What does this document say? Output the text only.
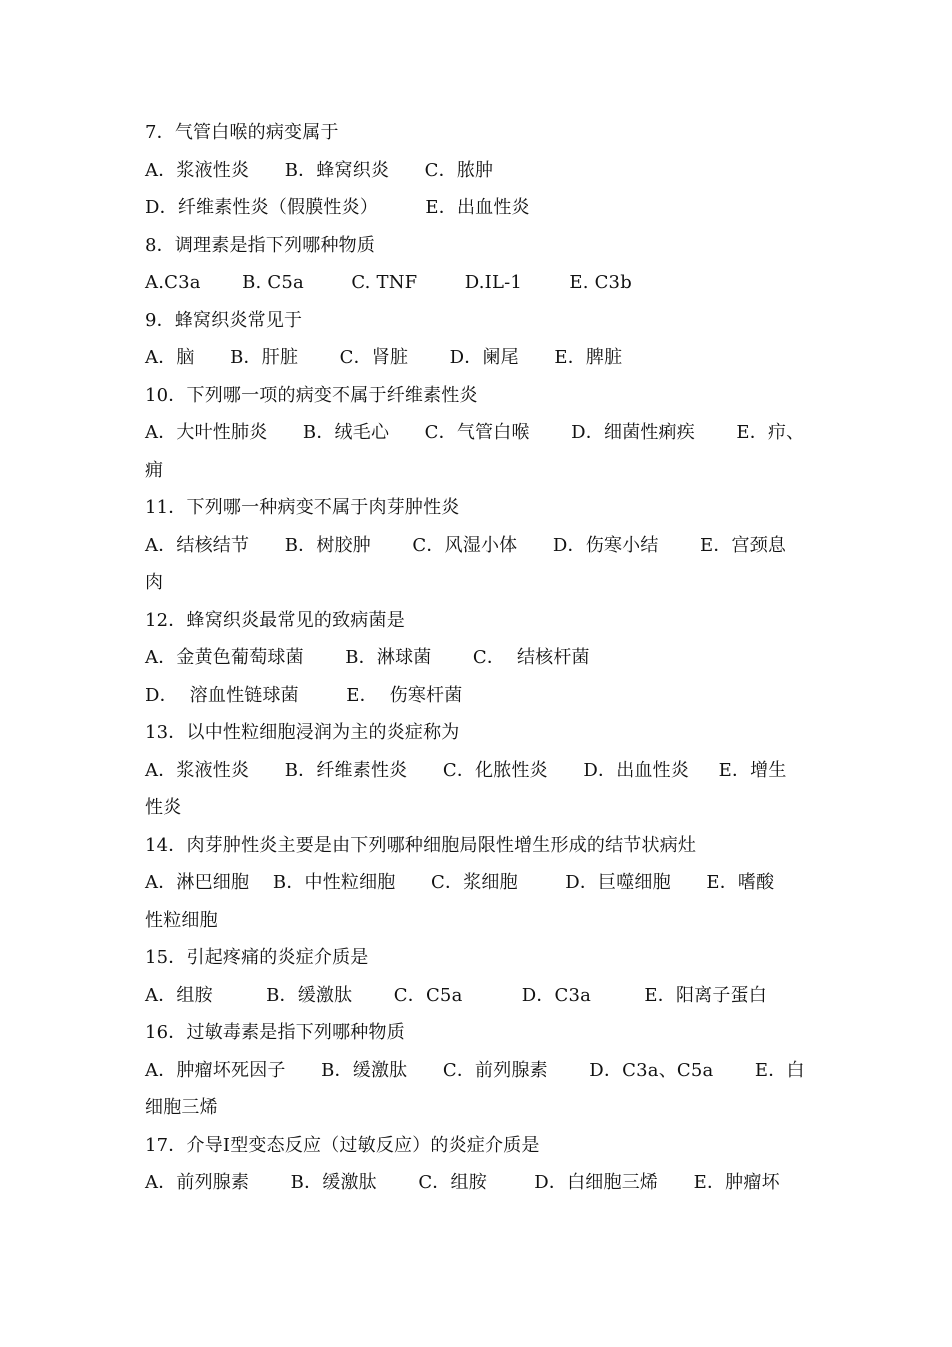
7．气管白喉的病变属于
A．浆液性炎      B．蜂窝织炎      C．脓肿
D．纤维素性炎（假膜性炎）        E．出血性炎
8．调理素是指下列哪种物质
A.C3a       B. C5a        C. TNF        D.IL-1        E. C3b
9．蜂窝织炎常见于
A．脑      B．肝脏       C．肾脏       D．阑尾      E．脾脏
10．下列哪一项的病变不属于纤维素性炎
A．大叶性肺炎      B．绒毛心      C．气管白喉       D．细菌性痢疾       E．疖、
痈
11．下列哪一种病变不属于肉芽肿性炎
A．结核结节      B．树胶肿       C．风湿小体      D．伤寒小结       E．宫颈息
肉
12．蜂窝织炎最常见的致病菌是
A．金黄色葡萄球菌       B．淋球菌       C．  结核杆菌
D．  溶血性链球菌        E．  伤寒杆菌
13．以中性粒细胞浸润为主的炎症称为
A．浆液性炎      B．纤维素性炎      C．化脓性炎      D．出血性炎     E．增生
性炎
14．肉芽肿性炎主要是由下列哪种细胞局限性增生形成的结节状病灶
A．淋巴细胞    B．中性粒细胞      C．浆细胞        D．巨噬细胞      E．嗜酸
性粒细胞
15．引起疼痛的炎症介质是
A．组胺         B．缓激肽       C．C5a          D．C3a         E．阳离子蛋白
16．过敏毒素是指下列哪种物质
A．肿瘤坏死因子      B．缓激肽      C．前列腺素       D．C3a、C5a       E．白
细胞三烯
17．介导Ⅰ型变态反应（过敏反应）的炎症介质是
A．前列腺素       B．缓激肽       C．组胺        D．白细胞三烯      E．肿瘤坏
